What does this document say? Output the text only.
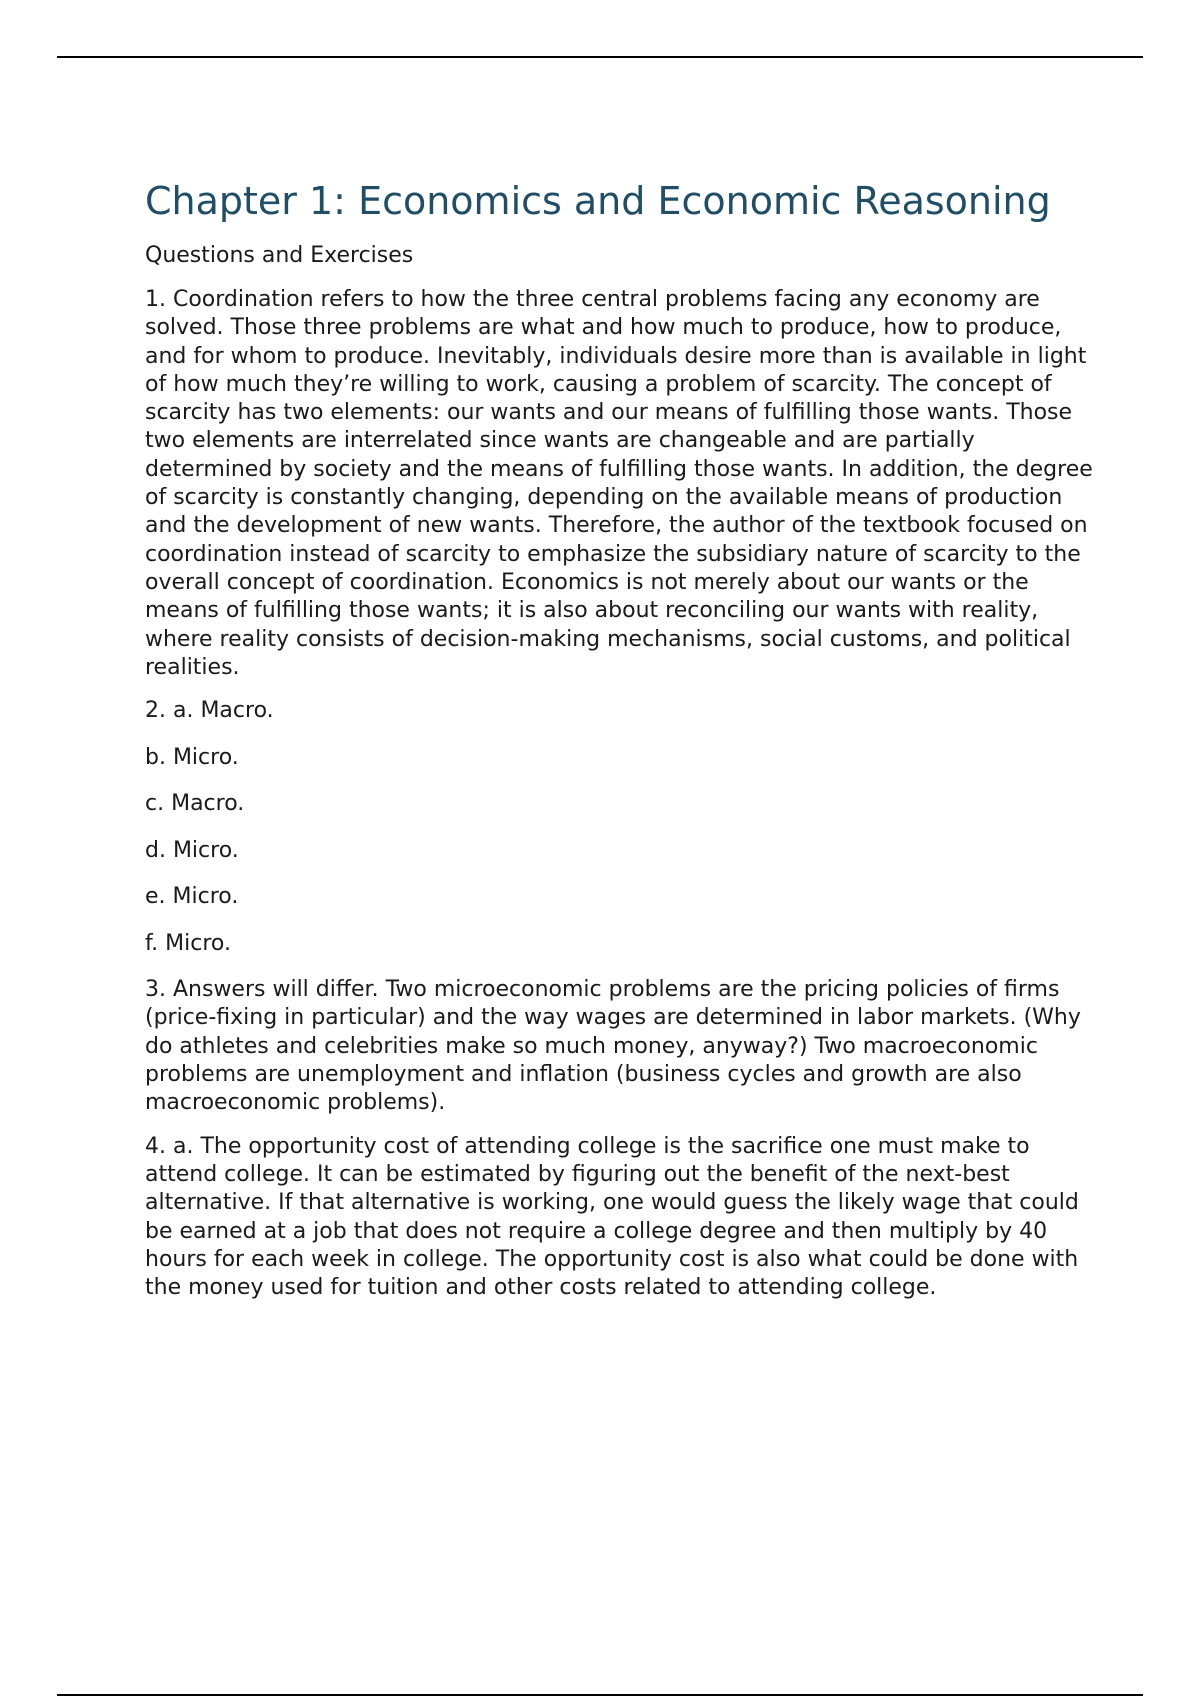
Chapter 1: Economics and Economic Reasoning

Questions and Exercises

1. Coordination refers to how the three central problems facing any economy are solved. Those three problems are what and how much to produce, how to produce, and for whom to produce. Inevitably, individuals desire more than is available in light of how much they’re willing to work, causing a problem of scarcity. The concept of scarcity has two elements: our wants and our means of fulfilling those wants. Those two elements are interrelated since wants are changeable and are partially determined by society and the means of fulfilling those wants. In addition, the degree of scarcity is constantly changing, depending on the available means of production and the development of new wants. Therefore, the author of the textbook focused on coordination instead of scarcity to emphasize the subsidiary nature of scarcity to the overall concept of coordination. Economics is not merely about our wants or the means of fulfilling those wants; it is also about reconciling our wants with reality, where reality consists of decision-making mechanisms, social customs, and political realities.

2. a. Macro.

b. Micro.

c. Macro.

d. Micro.

e. Micro.

f. Micro.

3. Answers will differ. Two microeconomic problems are the pricing policies of firms (price-fixing in particular) and the way wages are determined in labor markets. (Why do athletes and celebrities make so much money, anyway?) Two macroeconomic problems are unemployment and inflation (business cycles and growth are also macroeconomic problems).

4. a. The opportunity cost of attending college is the sacrifice one must make to attend college. It can be estimated by figuring out the benefit of the next-best alternative. If that alternative is working, one would guess the likely wage that could be earned at a job that does not require a college degree and then multiply by 40 hours for each week in college. The opportunity cost is also what could be done with the money used for tuition and other costs related to attending college.
